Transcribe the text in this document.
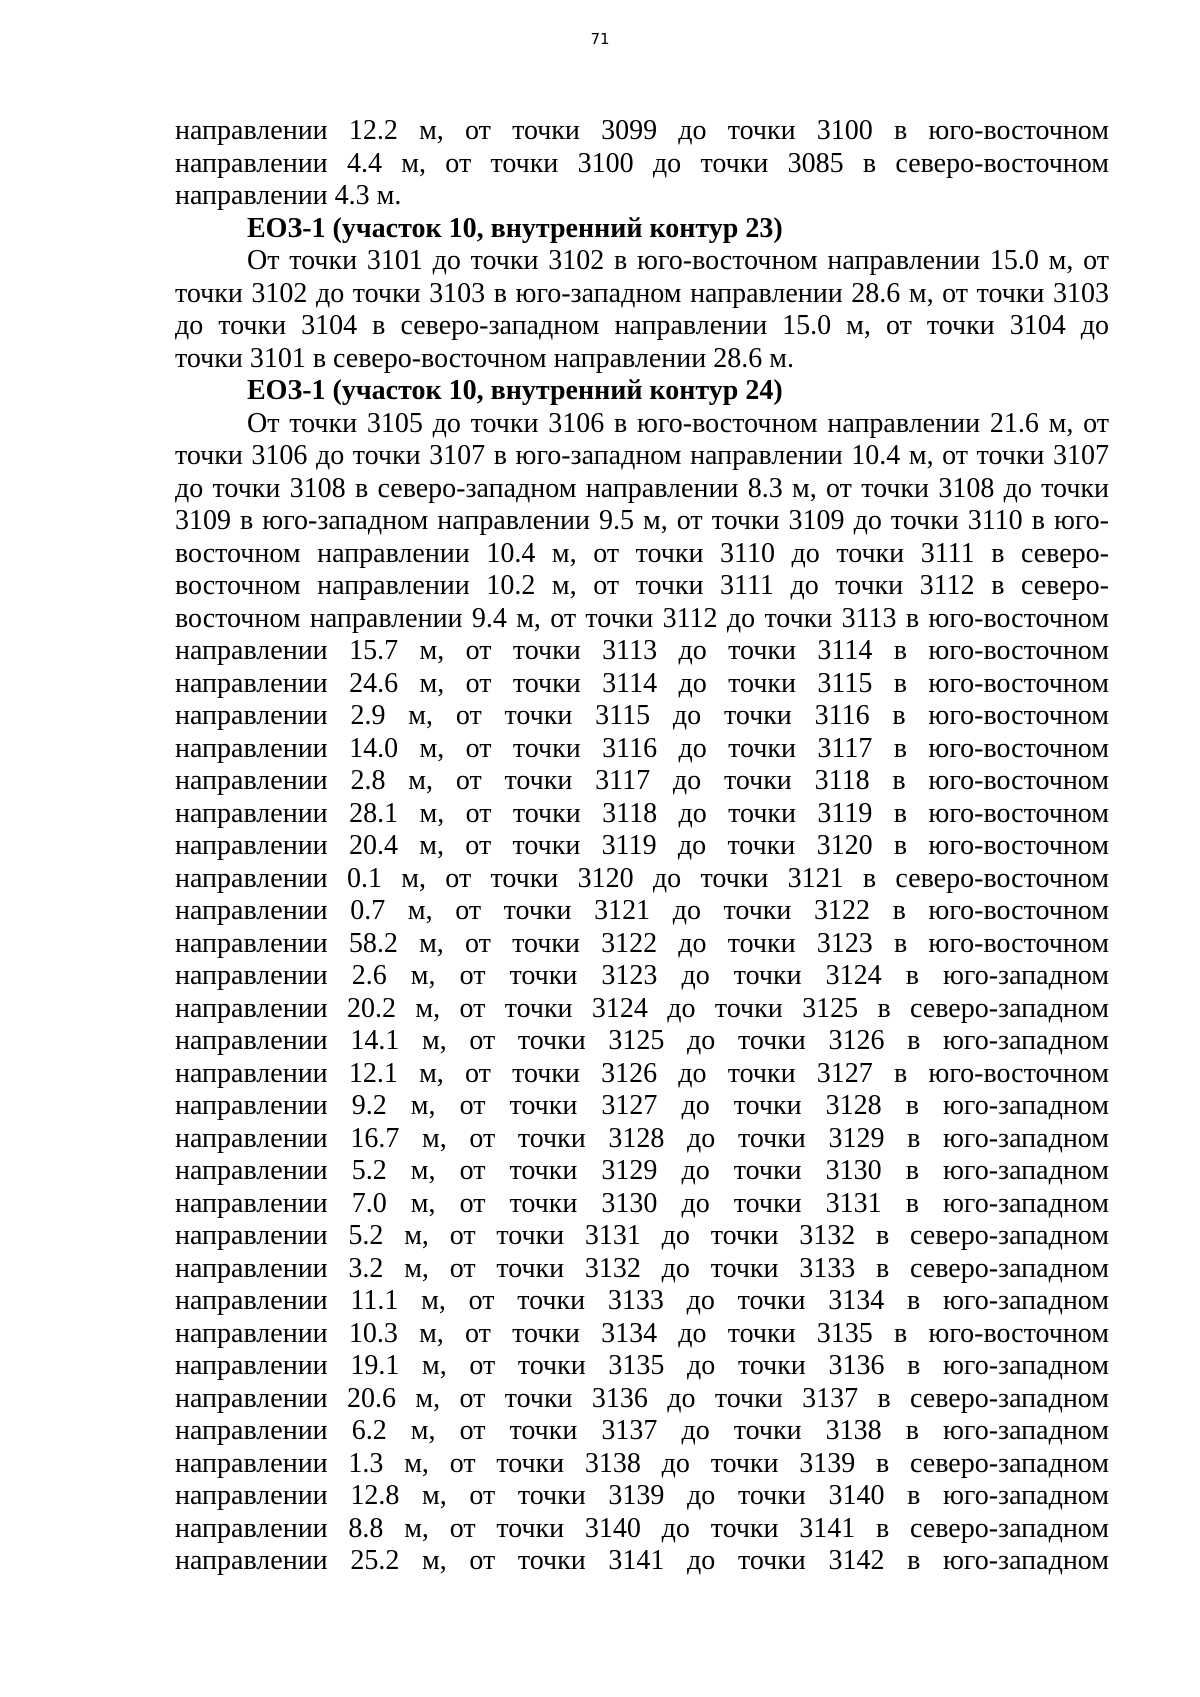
71

направлении 12.2 м, от точки 3099 до точки 3100 в юго-восточном

направлении 4.4 м, от точки 3100 до точки 3085 в северо-восточном

направлении 4.3 м.

ЕОЗ-1 (участок 10, внутренний контур 23)

От точки 3101 до точки 3102 в юго-восточном направлении 15.0 м, от

точки 3102 до точки 3103 в юго-западном направлении 28.6 м, от точки 3103

до точки 3104 в северо-западном направлении 15.0 м, от точки 3104 до

точки 3101 в северо-восточном направлении 28.6 м.

ЕОЗ-1 (участок 10, внутренний контур 24)

От точки 3105 до точки 3106 в юго-восточном направлении 21.6 м, от

точки 3106 до точки 3107 в юго-западном направлении 10.4 м, от точки 3107

до точки 3108 в северо-западном направлении 8.3 м, от точки 3108 до точки

3109 в юго-западном направлении 9.5 м, от точки 3109 до точки 3110 в юго-

восточном направлении 10.4 м, от точки 3110 до точки 3111 в северо-

восточном направлении 10.2 м, от точки 3111 до точки 3112 в северо-

восточном направлении 9.4 м, от точки 3112 до точки 3113 в юго-восточном

направлении 15.7 м, от точки 3113 до точки 3114 в юго-восточном

направлении 24.6 м, от точки 3114 до точки 3115 в юго-восточном

направлении 2.9 м, от точки 3115 до точки 3116 в юго-восточном

направлении 14.0 м, от точки 3116 до точки 3117 в юго-восточном

направлении 2.8 м, от точки 3117 до точки 3118 в юго-восточном

направлении 28.1 м, от точки 3118 до точки 3119 в юго-восточном

направлении 20.4 м, от точки 3119 до точки 3120 в юго-восточном

направлении 0.1 м, от точки 3120 до точки 3121 в северо-восточном

направлении 0.7 м, от точки 3121 до точки 3122 в юго-восточном

направлении 58.2 м, от точки 3122 до точки 3123 в юго-восточном

направлении 2.6 м, от точки 3123 до точки 3124 в юго-западном

направлении 20.2 м, от точки 3124 до точки 3125 в северо-западном

направлении 14.1 м, от точки 3125 до точки 3126 в юго-западном

направлении 12.1 м, от точки 3126 до точки 3127 в юго-восточном

направлении 9.2 м, от точки 3127 до точки 3128 в юго-западном

направлении 16.7 м, от точки 3128 до точки 3129 в юго-западном

направлении 5.2 м, от точки 3129 до точки 3130 в юго-западном

направлении 7.0 м, от точки 3130 до точки 3131 в юго-западном

направлении 5.2 м, от точки 3131 до точки 3132 в северо-западном

направлении 3.2 м, от точки 3132 до точки 3133 в северо-западном

направлении 11.1 м, от точки 3133 до точки 3134 в юго-западном

направлении 10.3 м, от точки 3134 до точки 3135 в юго-восточном

направлении 19.1 м, от точки 3135 до точки 3136 в юго-западном

направлении 20.6 м, от точки 3136 до точки 3137 в северо-западном

направлении 6.2 м, от точки 3137 до точки 3138 в юго-западном

направлении 1.3 м, от точки 3138 до точки 3139 в северо-западном

направлении 12.8 м, от точки 3139 до точки 3140 в юго-западном

направлении 8.8 м, от точки 3140 до точки 3141 в северо-западном

направлении 25.2 м, от точки 3141 до точки 3142 в юго-западном
